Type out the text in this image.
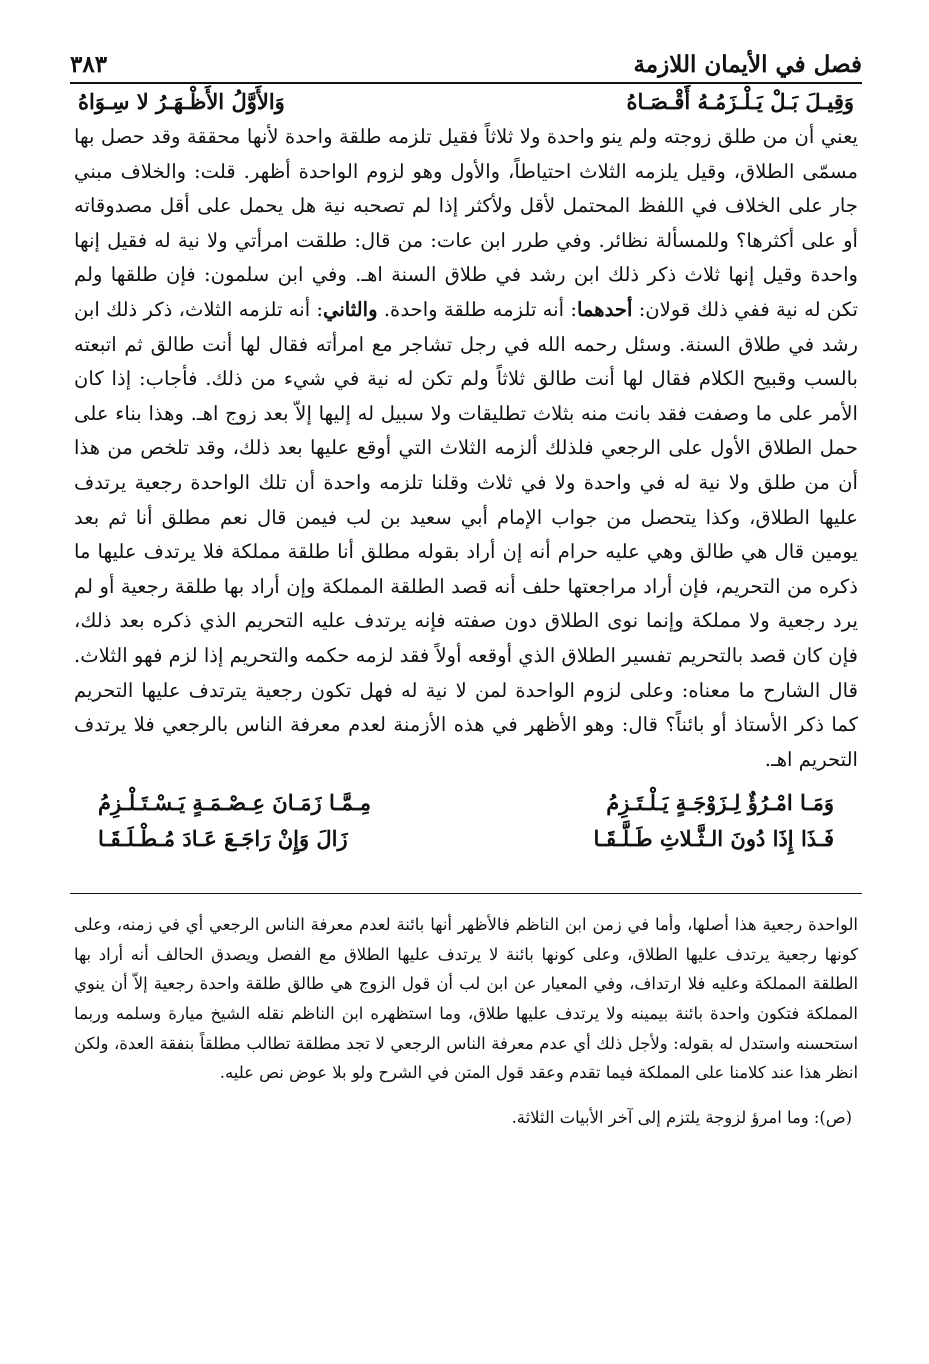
فصل في الأيمان اللازمة
٣٨٣
وَقِيـلَ بَـلْ يَـلْـزَمُـهُ أَقْـصَـاهُ
وَالأَوَّلُ الأَظْـهَـرُ لا سِـوَاهُ

يعني أن من طلق زوجته ولم ينو واحدة ولا ثلاثاً فقيل تلزمه طلقة واحدة لأنها محققة وقد حصل بها مسمّى الطلاق، وقيل يلزمه الثلاث احتياطاً، والأول وهو لزوم الواحدة أظهر. قلت: والخلاف مبني جار على الخلاف في اللفظ المحتمل لأقل ولأكثر إذا لم تصحبه نية هل يحمل على أقل مصدوقاته أو على أكثرها؟ وللمسألة نظائر. وفي طرر ابن عات: من قال: طلقت امرأتي ولا نية له فقيل إنها واحدة وقيل إنها ثلاث ذكر ذلك ابن رشد في طلاق السنة اهـ. وفي ابن سلمون: فإن طلقها ولم تكن له نية ففي ذلك قولان: أحدهما: أنه تلزمه طلقة واحدة. والثاني: أنه تلزمه الثلاث، ذكر ذلك ابن رشد في طلاق السنة. وسئل رحمه الله في رجل تشاجر مع امرأته فقال لها أنت طالق ثم اتبعته بالسب وقبيح الكلام فقال لها أنت طالق ثلاثاً ولم تكن له نية في شيء من ذلك. فأجاب: إذا كان الأمر على ما وصفت فقد بانت منه بثلاث تطليقات ولا سبيل له إليها إلاّ بعد زوج اهـ. وهذا بناء على حمل الطلاق الأول على الرجعي فلذلك ألزمه الثلاث التي أوقع عليها بعد ذلك، وقد تلخص من هذا أن من طلق ولا نية له في واحدة ولا في ثلاث وقلنا تلزمه واحدة أن تلك الواحدة رجعية يرتدف عليها الطلاق، وكذا يتحصل من جواب الإمام أبي سعيد بن لب فيمن قال نعم مطلق أنا ثم بعد يومين قال هي طالق وهي عليه حرام أنه إن أراد بقوله مطلق أنا طلقة مملكة فلا يرتدف عليها ما ذكره من التحريم، فإن أراد مراجعتها حلف أنه قصد الطلقة المملكة وإن أراد بها طلقة رجعية أو لم يرد رجعية ولا مملكة وإنما نوى الطلاق دون صفته فإنه يرتدف عليه التحريم الذي ذكره بعد ذلك، فإن كان قصد بالتحريم تفسير الطلاق الذي أوقعه أولاً فقد لزمه حكمه والتحريم إذا لزم فهو الثلاث. قال الشارح ما معناه: وعلى لزوم الواحدة لمن لا نية له فهل تكون رجعية يترتدف عليها التحريم كما ذكر الأستاذ أو بائناً؟ قال: وهو الأظهر في هذه الأزمنة لعدم معرفة الناس بالرجعي فلا يرتدف التحريم اهـ.

وَمَـا امْـرُؤٌ لِـزَوْجَـةٍ يَـلْـتَـزِمُ
مِـمَّـا زَمَـانَ عِـصْـمَـةٍ يَـسْـتَـلْـزِمُ
فَـذَا إِذَا دُونَ الـثَّـلاثِ طَـلَّـقَـا
زَالَ وَإِنْ رَاجَـعَ عَـادَ مُـطْـلَـقَـا

الواحدة رجعية هذا أصلها، وأما في زمن ابن الناظم فالأظهر أنها بائنة لعدم معرفة الناس الرجعي أي في زمنه، وعلى كونها رجعية يرتدف عليها الطلاق، وعلى كونها بائنة لا يرتدف عليها الطلاق مع الفصل ويصدق الحالف أنه أراد بها الطلقة المملكة وعليه فلا ارتداف، وفي المعيار عن ابن لب أن قول الزوج هي طالق طلقة واحدة رجعية إلاّ أن ينوي المملكة فتكون واحدة بائنة بيمينه ولا يرتدف عليها طلاق، وما استظهره ابن الناظم نقله الشيخ ميارة وسلمه وربما استحسنه واستدل له بقوله: ولأجل ذلك أي عدم معرفة الناس الرجعي لا تجد مطلقة تطالب مطلقاً بنفقة العدة، ولكن انظر هذا عند كلامنا على المملكة فيما تقدم وعقد قول المتن في الشرح ولو بلا عوض نص عليه.

(ص): وما امرؤ لزوجة يلتزم إلى آخر الأبيات الثلاثة.
